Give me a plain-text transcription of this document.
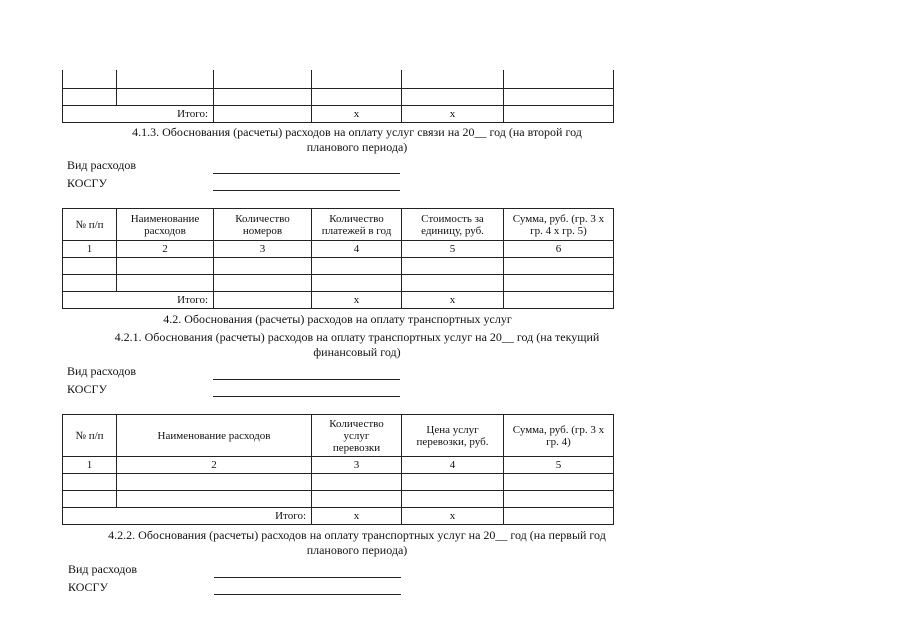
Итого:			x	x	
4.1.3. Обоснования (расчеты) расходов на оплату услуг связи на 20__ год (на второй год
планового периода)
Вид расходов
КОСГУ
№ п/п	Наименование расходов	Количество номеров	Количество платежей в год	Стоимость за единицу, руб.	Сумма, руб. (гр. 3 х гр. 4 х гр. 5)
1	2	3	4	5	6

Итого:			x	x	
4.2. Обоснования (расчеты) расходов на оплату транспортных услуг
4.2.1. Обоснования (расчеты) расходов на оплату транспортных услуг на 20__ год (на текущий
финансовый год)
Вид расходов
КОСГУ
№ п/п	Наименование расходов	Количество услуг перевозки	Цена услуг перевозки, руб.	Сумма, руб. (гр. 3 х гр. 4)
1	2	3	4	5

Итого:		x	x	
4.2.2. Обоснования (расчеты) расходов на оплату транспортных услуг на 20__ год (на первый год
планового периода)
Вид расходов
КОСГУ
